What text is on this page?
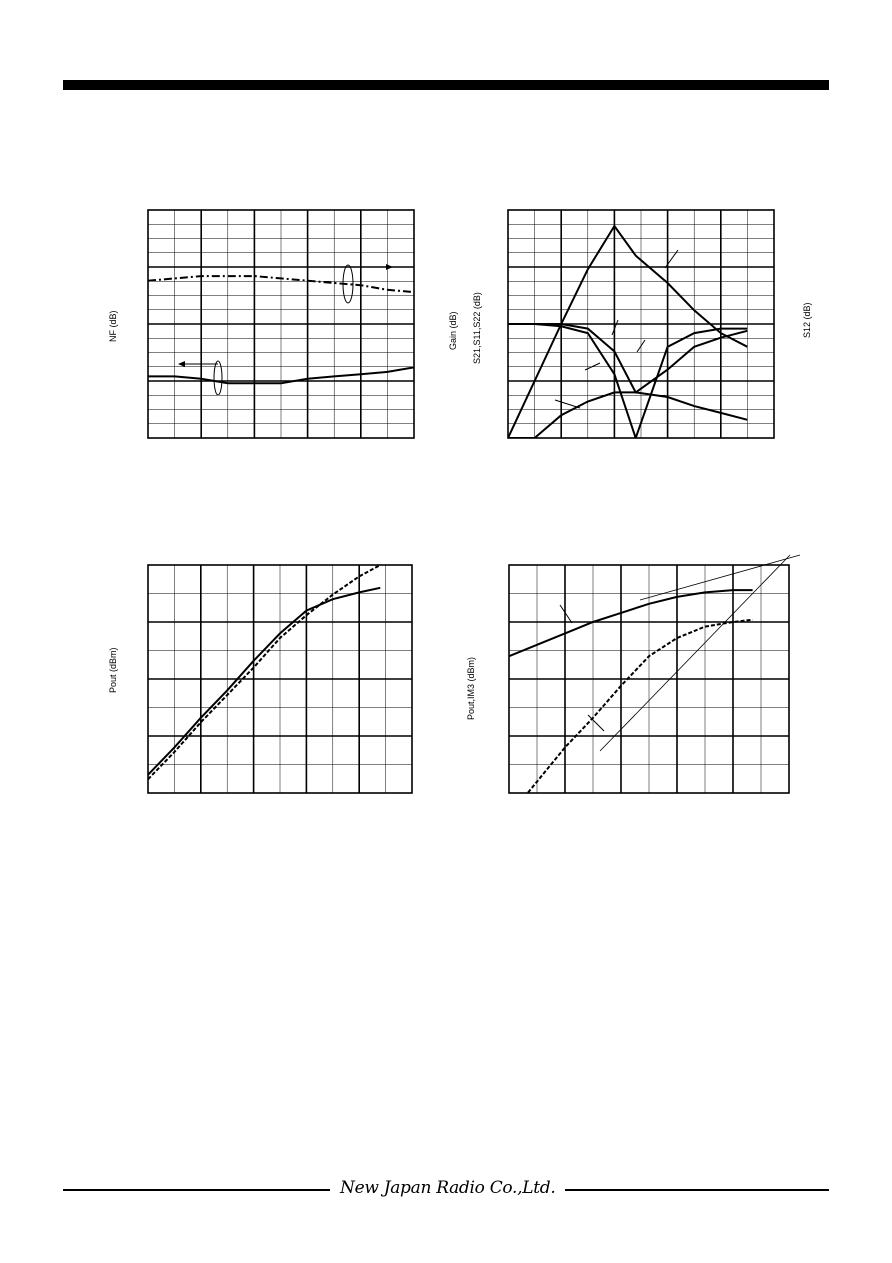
NF (dB)	Gain (dB) S21,S11,S22 (dB)	S12 (dB)
Pout (dBm)	Pout,IM3 (dBm)
New Japan Radio Co.,Ltd.
